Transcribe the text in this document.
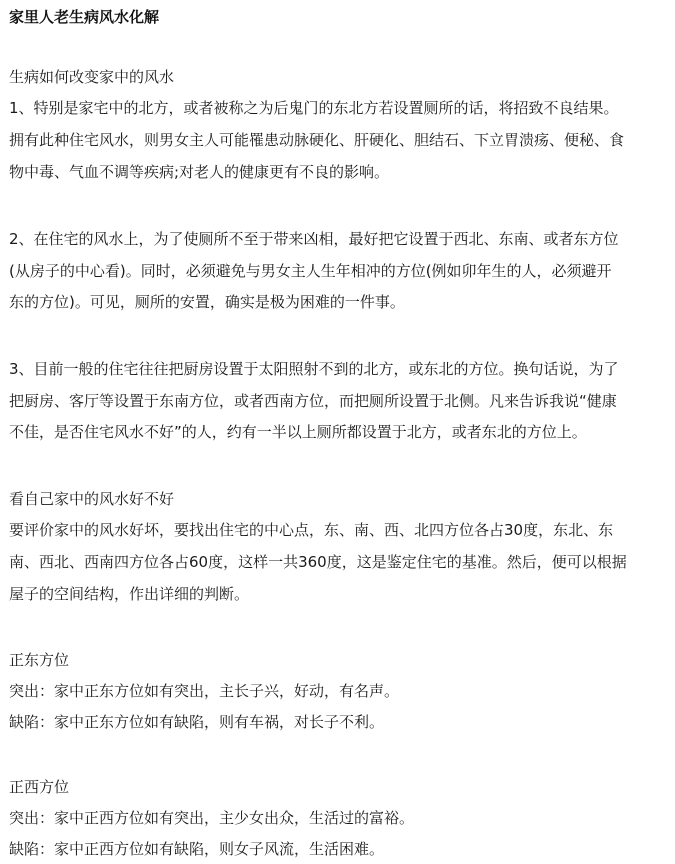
家里人老生病风水化解
生病如何改变家中的风水
1、特别是家宅中的北方，或者被称之为后鬼门的东北方若设置厕所的话，将招致不良结果。
拥有此种住宅风水，则男女主人可能罹患动脉硬化、肝硬化、胆结石、下立胃溃疡、便秘、食
物中毒、气血不调等疾病;对老人的健康更有不良的影响。
2、在住宅的风水上，为了使厕所不至于带来凶相，最好把它设置于西北、东南、或者东方位
(从房子的中心看)。同时，必须避免与男女主人生年相冲的方位(例如卯年生的人，必须避开
东的方位)。可见，厕所的安置，确实是极为困难的一件事。
3、目前一般的住宅往往把厨房设置于太阳照射不到的北方，或东北的方位。换句话说，为了
把厨房、客厅等设置于东南方位，或者西南方位，而把厕所设置于北侧。凡来告诉我说“健康
不佳，是否住宅风水不好”的人，约有一半以上厕所都设置于北方，或者东北的方位上。
看自己家中的风水好不好
要评价家中的风水好坏，要找出住宅的中心点，东、南、西、北四方位各占30度，东北、东
南、西北、西南四方位各占60度，这样一共360度，这是鉴定住宅的基准。然后，便可以根据
屋子的空间结构，作出详细的判断。
正东方位
突出：家中正东方位如有突出，主长子兴，好动，有名声。
缺陷：家中正东方位如有缺陷，则有车祸，对长子不利。
正西方位
突出：家中正西方位如有突出，主少女出众，生活过的富裕。
缺陷：家中正西方位如有缺陷，则女子风流，生活困难。
